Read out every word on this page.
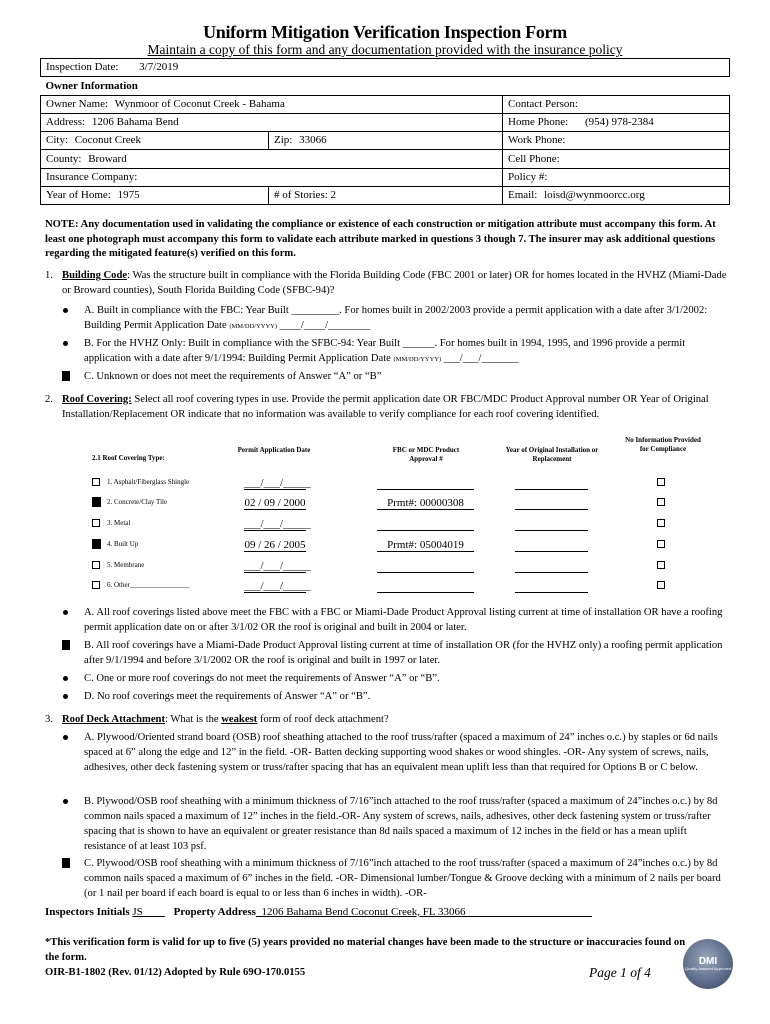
Uniform Mitigation Verification Inspection Form
Maintain a copy of this form and any documentation provided with the insurance policy
Inspection Date: 3/7/2019		
Owner Information		
Owner Name: Wynmoor of Coconut Creek - Bahama		Contact Person:
Address: 1206 Bahama Bend		Home Phone: (954) 978-2384
City: Coconut Creek	Zip: 33066	Work Phone:
County: Broward		Cell Phone:
Insurance Company:		Policy #:
Year of Home: 1975	# of Stories: 2	Email: loisd@wynmoorcc.org
NOTE: Any documentation used in validating the compliance or existence of each construction or mitigation attribute must accompany this form. At least one photograph must accompany this form to validate each attribute marked in questions 3 though 7. The insurer may ask additional questions regarding the mitigated feature(s) verified on this form.
1. Building Code: Was the structure built in compliance with the Florida Building Code (FBC 2001 or later) OR for homes located in the HVHZ (Miami-Dade or Broward counties), South Florida Building Code (SFBC-94)?
A. Built in compliance with the FBC: Year Built _________. For homes built in 2002/2003 provide a permit application with a date after 3/1/2002: Building Permit Application Date (MM/DD/YYYY) ____/____/________
B. For the HVHZ Only: Built in compliance with the SFBC-94: Year Built ______. For homes built in 1994, 1995, and 1996 provide a permit application with a date after 9/1/1994: Building Permit Application Date (MM/DD/YYYY) ___/___/_______
C. Unknown or does not meet the requirements of Answer “A” or “B”
2. Roof Covering: Select all roof covering types in use. Provide the permit application date OR FBC/MDC Product Approval number OR Year of Original Installation/Replacement OR indicate that no information was available to verify compliance for each roof covering identified.
2.1 Roof Covering Type:
Permit Application Date	FBC or MDC Product Approval #
Year of Original Installation or Replacement
No Information Provided for Compliance
1. Asphalt/Fiberglass Shingle	___/___/_____
2. Concrete/Clay Tile	02 / 09 / 2000	Prmt#: 00000308
3. Metal	___/___/_____
4. Built Up	09 / 26 / 2005	Prmt#: 05004019
5. Membrane	___/___/_____
6. Other_________________	___/___/_____
A. All roof coverings listed above meet the FBC with a FBC or Miami-Dade Product Approval listing current at time of installation OR have a roofing permit application date on or after 3/1/02 OR the roof is original and built in 2004 or later.
B. All roof coverings have a Miami-Dade Product Approval listing current at time of installation OR (for the HVHZ only) a roofing permit application after 9/1/1994 and before 3/1/2002 OR the roof is original and built in 1997 or later.
C. One or more roof coverings do not meet the requirements of Answer “A” or “B”.
D. No roof coverings meet the requirements of Answer “A” or “B”.
3. Roof Deck Attachment: What is the weakest form of roof deck attachment?
A. Plywood/Oriented strand board (OSB) roof sheathing attached to the roof truss/rafter (spaced a maximum of 24” inches o.c.) by staples or 6d nails spaced at 6” along the edge and 12” in the field. -OR- Batten decking supporting wood shakes or wood shingles. -OR- Any system of screws, nails, adhesives, other deck fastening system or truss/rafter spacing that has an equivalent mean uplift less than that required for Options B or C below.
B. Plywood/OSB roof sheathing with a minimum thickness of 7/16”inch attached to the roof truss/rafter (spaced a maximum of 24”inches o.c.) by 8d common nails spaced a maximum of 12” inches in the field.-OR- Any system of screws, nails, adhesives, other deck fastening system or truss/rafter spacing that is shown to have an equivalent or greater resistance than 8d nails spaced a maximum of 12 inches in the field or has a mean uplift resistance of at least 103 psf.
C. Plywood/OSB roof sheathing with a minimum thickness of 7/16”inch attached to the roof truss/rafter (spaced a maximum of 24”inches o.c.) by 8d common nails spaced a maximum of 6” inches in the field. -OR- Dimensional lumber/Tongue & Groove decking with a minimum of 2 nails per board (or 1 nail per board if each board is equal to or less than 6 inches in width). -OR-
Inspectors Initials JS____ Property Address_1206 Bahama Bend Coconut Creek, FL 33066_______________________
*This verification form is valid for up to five (5) years provided no material changes have been made to the structure or inaccuracies found on the form.
OIR-B1-1802 (Rev. 01/12) Adopted by Rule 69O-170.0155	Page 1 of 4
DMI
Quality Assured Approved
